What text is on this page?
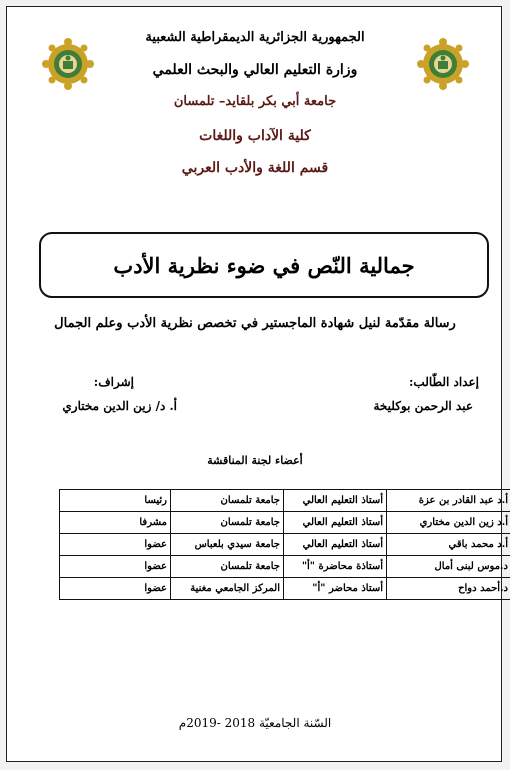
الجمهورية الجزائرية الديمقراطية الشعبية
وزارة التعليم العالي والبحث العلمي
جامعة أبي بكر بلقايد– تلمسان
كلية الآداب واللغات
قسم اللغة والأدب العربي
جمالية النّص في ضوء نظرية الأدب
رسالة مقدّمة لنيل شهادة الماجستير في تخصص نظرية الأدب وعلم الجمال
إعداد الطّالب:
عبد الرحمن بوكليخة
إشراف:
أ. د/ زين الدين مختاري
أعضاء لجنة المناقشة
أ.د عبد القادر بن عزة	أستاذ التعليم العالي	جامعة تلمسان	رئيسا
أ.د زين الدين مختاري	أستاذ التعليم العالي	جامعة تلمسان	مشرفا
أ.د محمد باقي	أستاذ التعليم العالي	جامعة سيدي بلعباس	عضوا
د.موس لبنى أمال	أستاذة محاضرة "أ"	جامعة تلمسان	عضوا
د.أحمد دواح	أستاذ محاضر "أ"	المركز الجامعي مغنية	عضوا
السّنة الجامعيّة 2018 -2019م
